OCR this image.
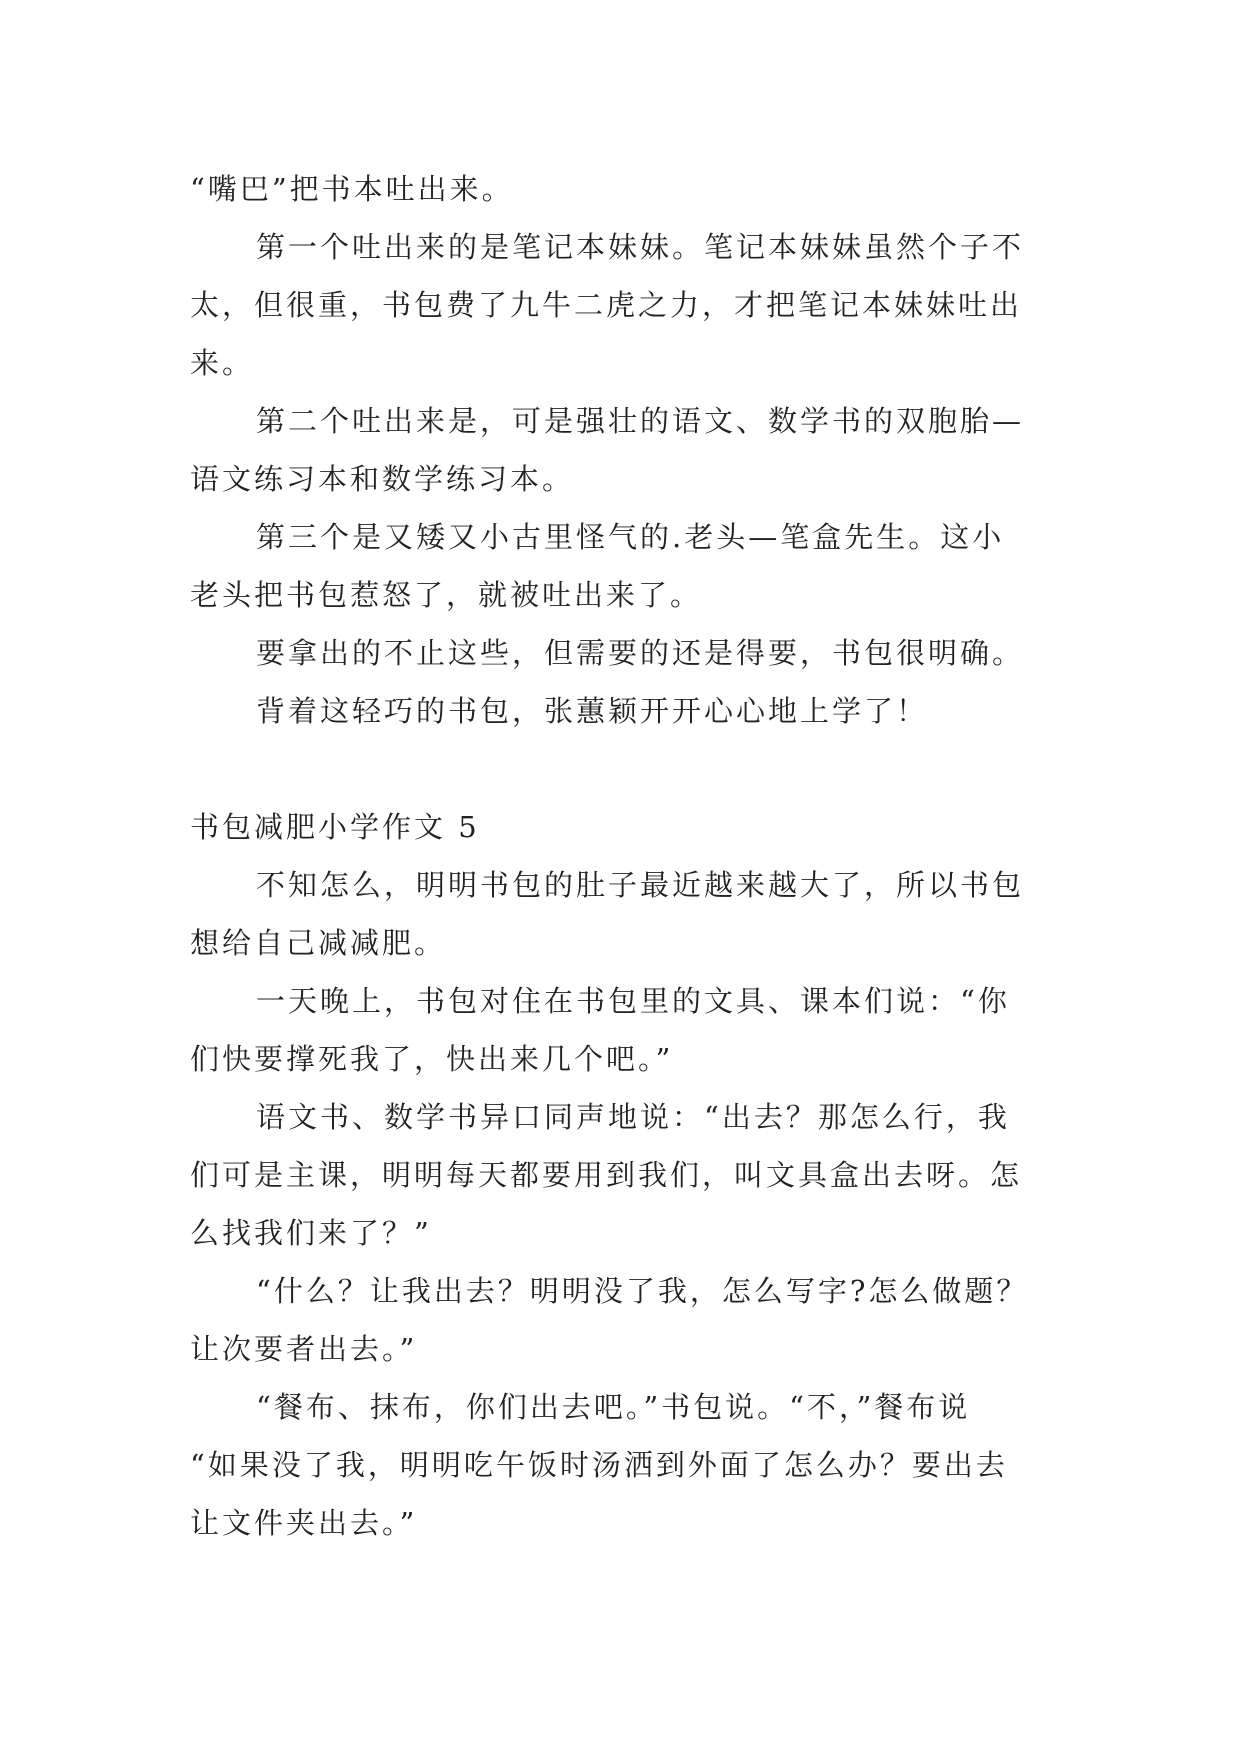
“嘴巴”把书本吐出来。
第一个吐出来的是笔记本妹妹。笔记本妹妹虽然个子不
太，但很重，书包费了九牛二虎之力，才把笔记本妹妹吐出
来。
第二个吐出来是，可是强壮的语文、数学书的双胞胎—
语文练习本和数学练习本。
第三个是又矮又小古里怪气的.老头—笔盒先生。这小
老头把书包惹怒了，就被吐出来了。
要拿出的不止这些，但需要的还是得要，书包很明确。
背着这轻巧的书包，张蕙颖开开心心地上学了！
书包减肥小学作文 5
不知怎么，明明书包的肚子最近越来越大了，所以书包
想给自己减减肥。
一天晚上，书包对住在书包里的文具、课本们说：“你
们快要撑死我了，快出来几个吧。”
语文书、数学书异口同声地说：“出去？那怎么行，我
们可是主课，明明每天都要用到我们，叫文具盒出去呀。怎
么找我们来了？”
“什么？让我出去？明明没了我，怎么写字?怎么做题？
让次要者出去。”
“餐布、抹布，你们出去吧。”书包说。“不，”餐布说
“如果没了我，明明吃午饭时汤洒到外面了怎么办？要出去
让文件夹出去。”
